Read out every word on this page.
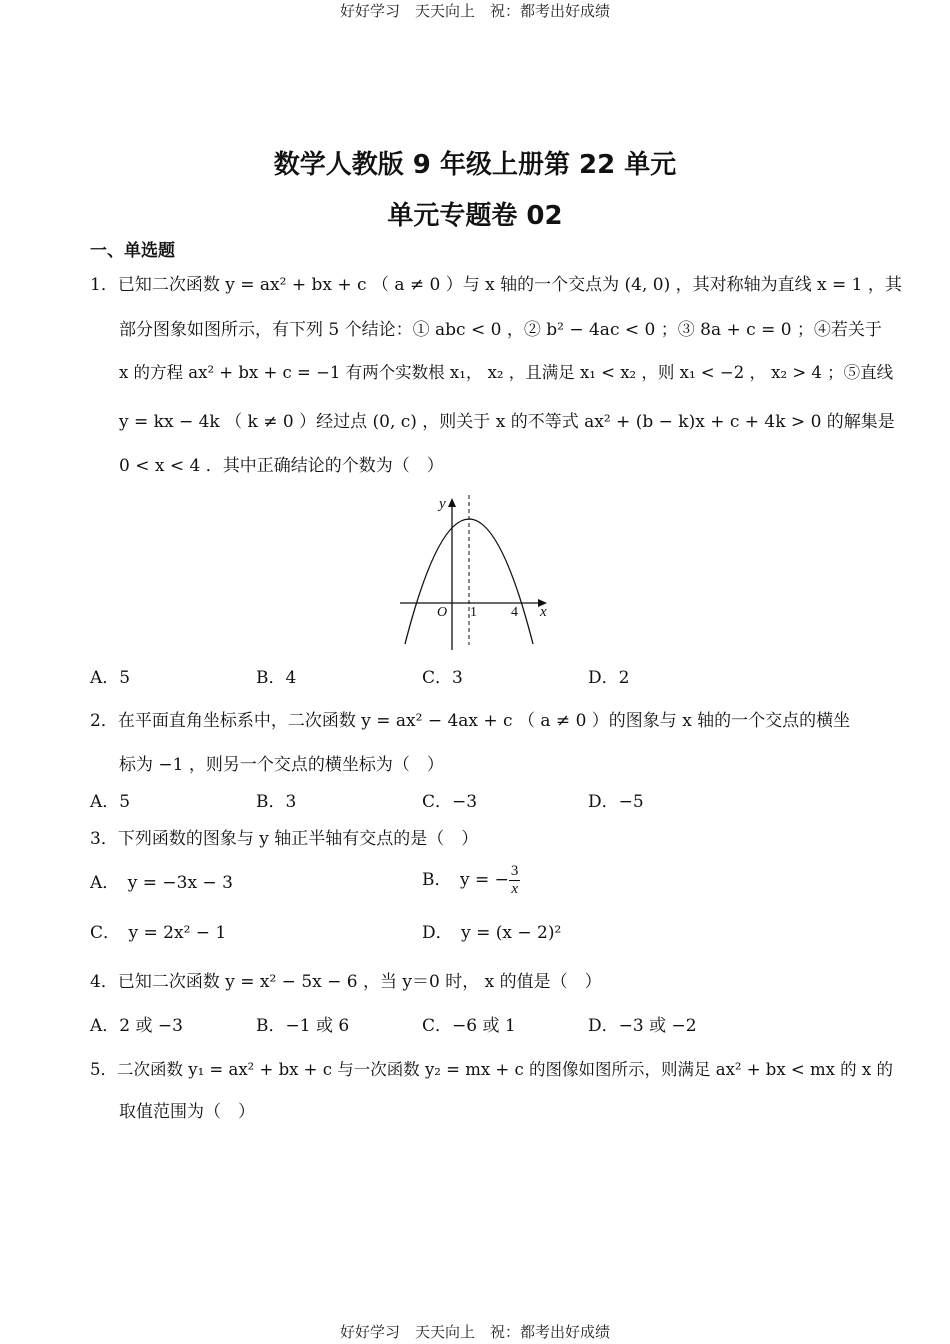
好好学习　天天向上　祝：都考出好成绩
数学人教版 9 年级上册第 22 单元
单元专题卷 02
一、单选题
1．已知二次函数 y = ax² + bx + c （ a ≠ 0 ）与 x 轴的一个交点为 (4, 0) ，其对称轴为直线 x = 1 ，其
部分图象如图所示，有下列 5 个结论：① abc < 0 ，② b² − 4ac < 0 ；③ 8a + c = 0 ；④若关于
x 的方程 ax² + bx + c = −1 有两个实数根 x₁， x₂ ，且满足 x₁ < x₂ ，则 x₁ < −2 ， x₂ > 4 ；⑤直线
y = kx − 4k （ k ≠ 0 ）经过点 (0, c) ，则关于 x 的不等式 ax² + (b − k)x + c + 4k > 0 的解集是
0 < x < 4 ．其中正确结论的个数为（　）
y
x
O 1 4
A．5	B．4	C．3	D．2
2．在平面直角坐标系中，二次函数 y = ax² − 4ax + c （ a ≠ 0 ）的图象与 x 轴的一个交点的横坐
标为 −1 ，则另一个交点的横坐标为（　）
A．5	B．3	C．−3	D．−5
3．下列函数的图象与 y 轴正半轴有交点的是（　）
A．　y = −3x − 3	B．　y = − $\frac{3}{x}$
C．　y = 2x² − 1	D．　y = (x − 2)²
4．已知二次函数 y = x² − 5x − 6 ，当 y＝0 时， x 的值是（　）
A．2 或 −3	B．−1 或 6	C．−6 或 1	D．−3 或 −2
5．二次函数 y₁ = ax² + bx + c 与一次函数 y₂ = mx + c 的图像如图所示，则满足 ax² + bx < mx 的 x 的
取值范围为（　）
好好学习　天天向上　祝：都考出好成绩
